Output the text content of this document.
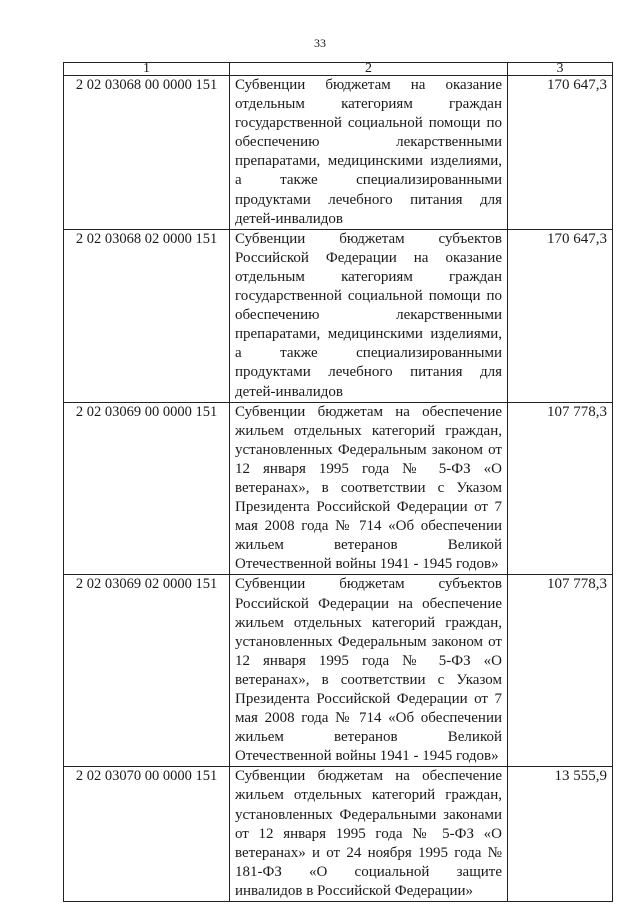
33
1	2	3
2 02 03068 00 0000 151	Субвенции бюджетам на оказание отдельным категориям граждан государственной социальной помощи по обеспечению лекарственными препаратами, медицинскими изделиями, а также специализированными продуктами лечебного питания для детей-инвалидов	170 647,3
2 02 03068 02 0000 151	Субвенции бюджетам субъектов Российской Федерации на оказание отдельным категориям граждан государственной социальной помощи по обеспечению лекарственными препаратами, медицинскими изделиями, а также специализированными продуктами лечебного питания для детей-инвалидов	170 647,3
2 02 03069 00 0000 151	Субвенции бюджетам на обеспечение жильем отдельных категорий граждан, установленных Федеральным законом от 12 января 1995 года № 5-ФЗ «О ветеранах», в соответствии с Указом Президента Российской Федерации от 7 мая 2008 года № 714 «Об обеспечении жильем ветеранов Великой Отечественной войны 1941 - 1945 годов»	107 778,3
2 02 03069 02 0000 151	Субвенции бюджетам субъектов Российской Федерации на обеспечение жильем отдельных категорий граждан, установленных Федеральным законом от 12 января 1995 года № 5-ФЗ «О ветеранах», в соответствии с Указом Президента Российской Федерации от 7 мая 2008 года № 714 «Об обеспечении жильем ветеранов Великой Отечественной войны 1941 - 1945 годов»	107 778,3
2 02 03070 00 0000 151	Субвенции бюджетам на обеспечение жильем отдельных категорий граждан, установленных Федеральными законами от 12 января 1995 года № 5-ФЗ «О ветеранах» и от 24 ноября 1995 года № 181-ФЗ «О социальной защите инвалидов в Российской Федерации»	13 555,9
